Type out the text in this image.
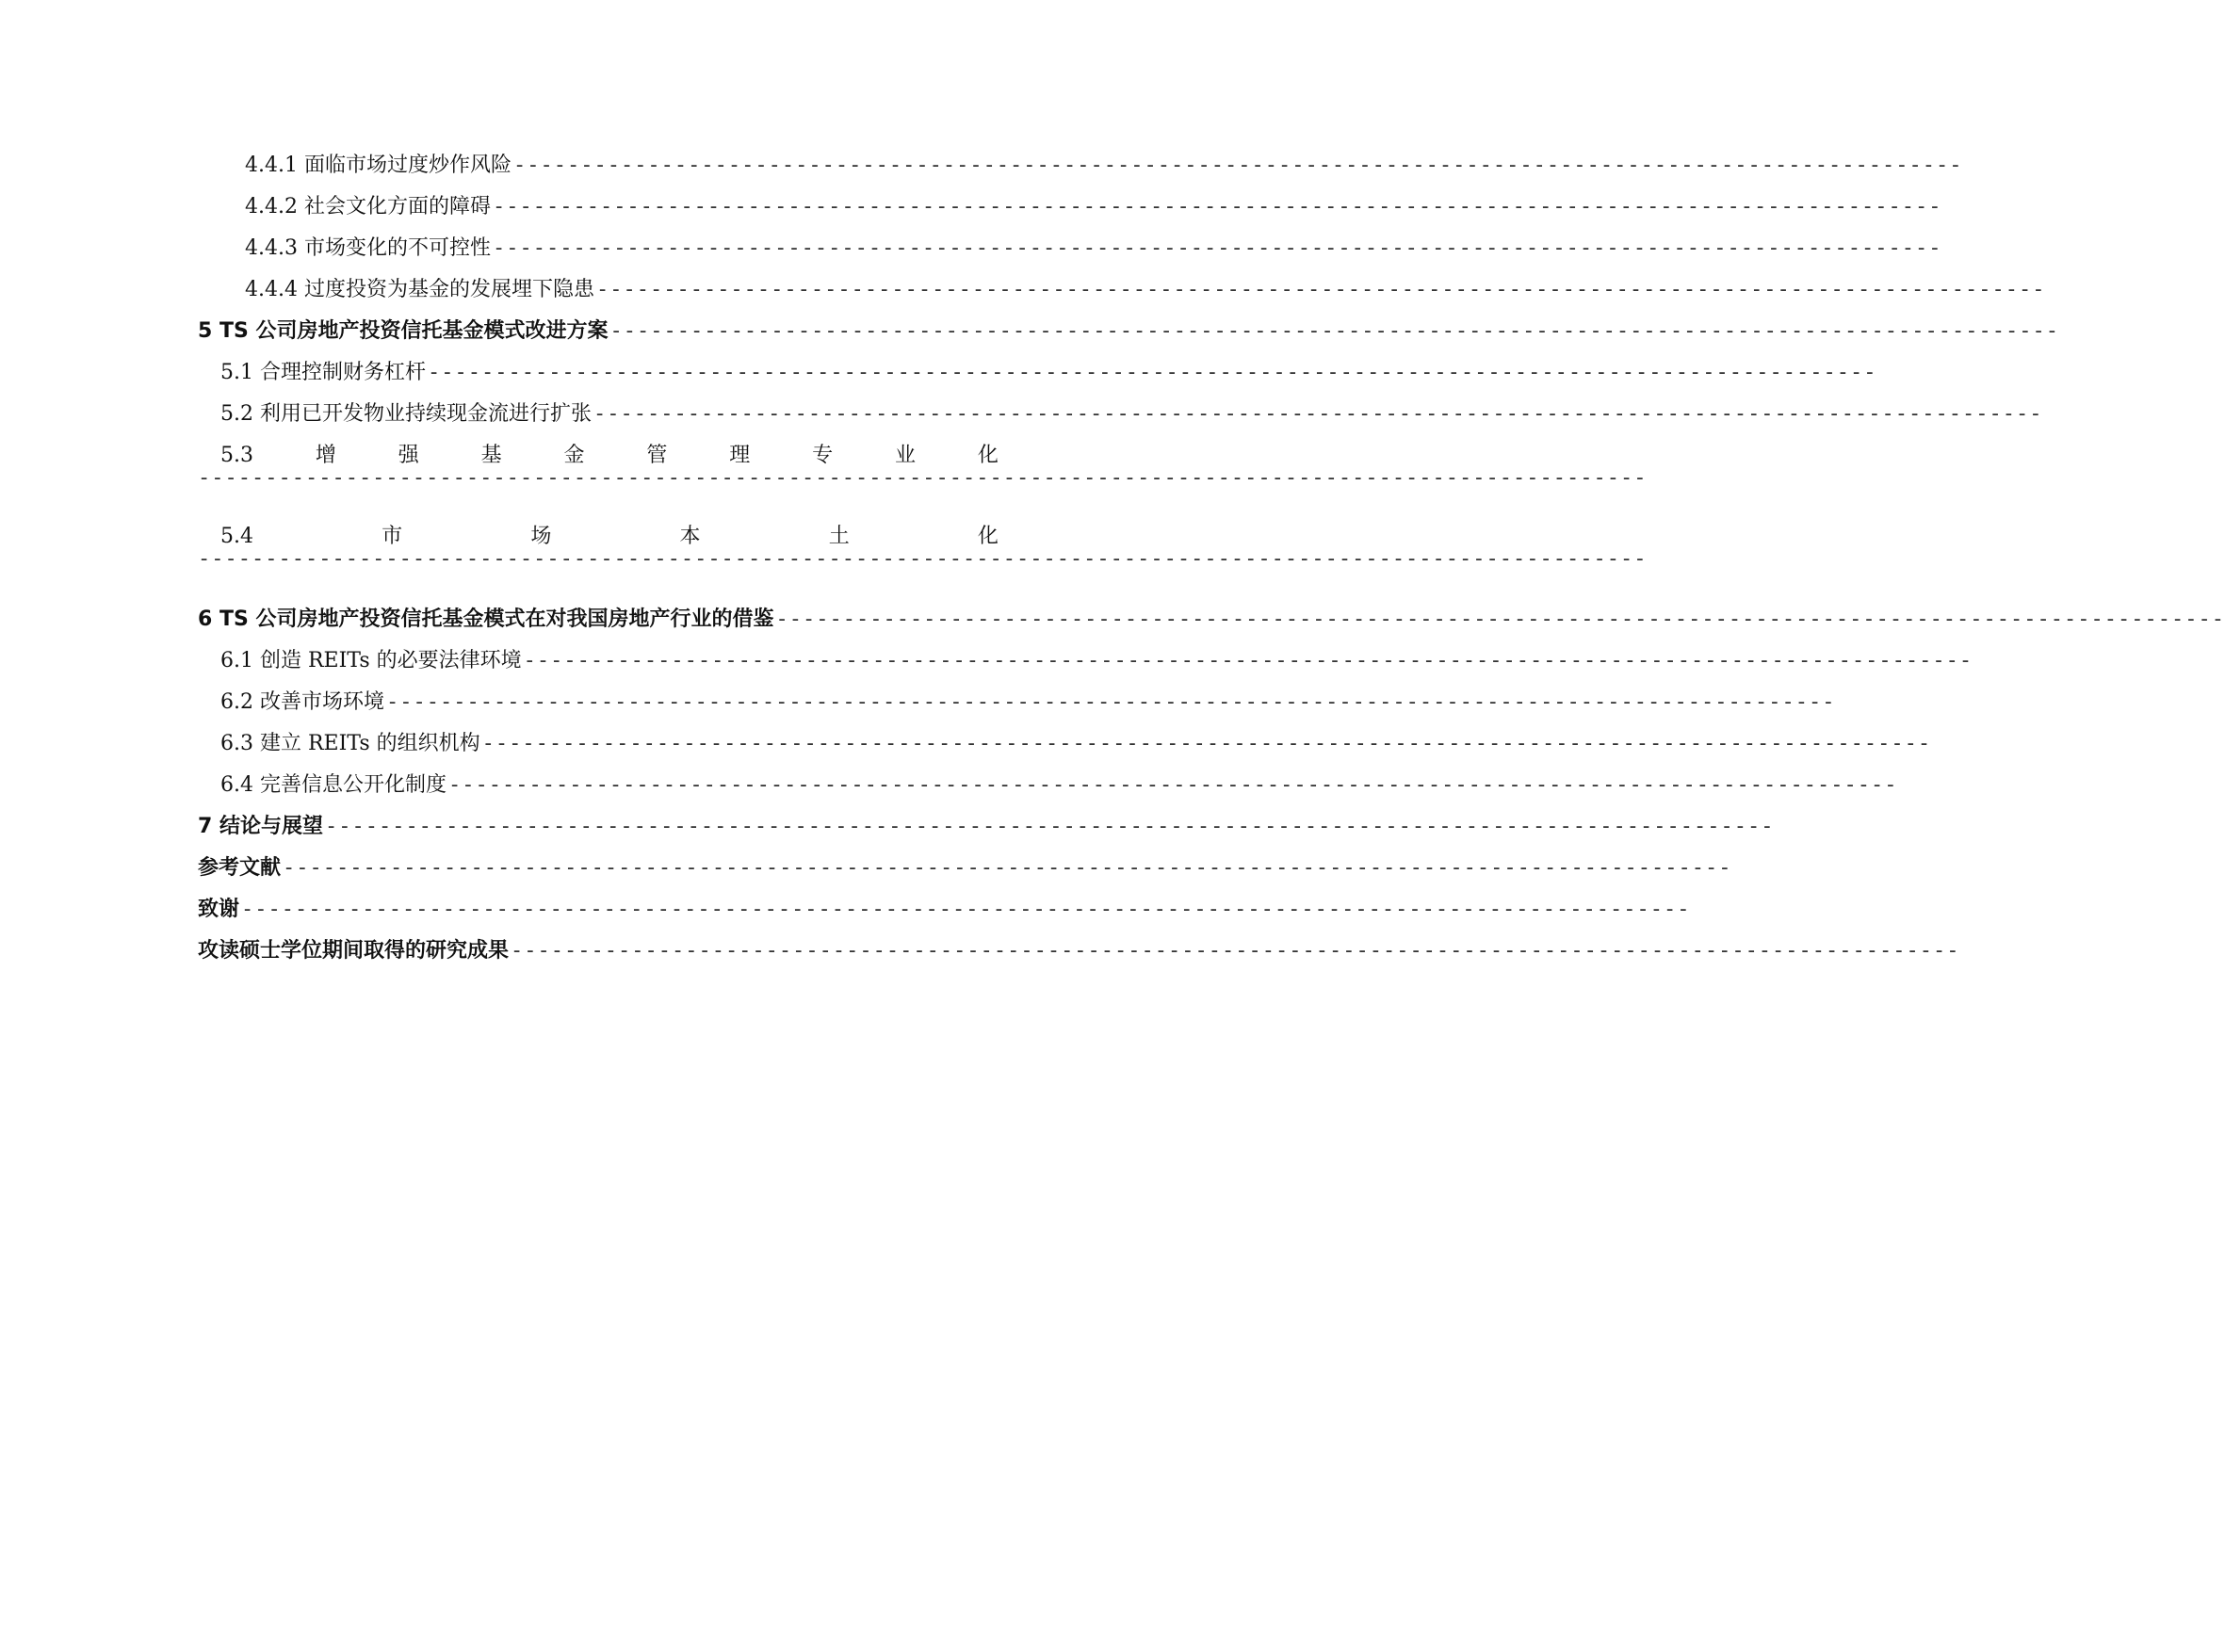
4.4.1 面临市场过度炒作风险 ------------------------------------------------------------------------------------------------------------
4.4.2 社会文化方面的障碍 ------------------------------------------------------------------------------------------------------------
4.4.3 市场变化的不可控性 ------------------------------------------------------------------------------------------------------------
4.4.4 过度投资为基金的发展埋下隐患 ------------------------------------------------------------------------------------------------------------
5 TS 公司房地产投资信托基金模式改进方案 ------------------------------------------------------------------------------------------------------------
5.1 合理控制财务杠杆 ------------------------------------------------------------------------------------------------------------
5.2 利用已开发物业持续现金流进行扩张 ------------------------------------------------------------------------------------------------------------
5.3	增	强	基	金	管	理	专	业	化
------------------------------------------------------------------------------------------------------------
5.4	市	场	本	土	化
------------------------------------------------------------------------------------------------------------
6 TS 公司房地产投资信托基金模式在对我国房地产行业的借鉴 ------------------------------------------------------------------------------------------------------------
6.1 创造 REITs 的必要法律环境 ------------------------------------------------------------------------------------------------------------
6.2 改善市场环境 ------------------------------------------------------------------------------------------------------------
6.3 建立 REITs 的组织机构 ------------------------------------------------------------------------------------------------------------
6.4 完善信息公开化制度 ------------------------------------------------------------------------------------------------------------
7 结论与展望 ------------------------------------------------------------------------------------------------------------
参考文献 ------------------------------------------------------------------------------------------------------------
致谢 ------------------------------------------------------------------------------------------------------------
攻读硕士学位期间取得的研究成果 ------------------------------------------------------------------------------------------------------------
